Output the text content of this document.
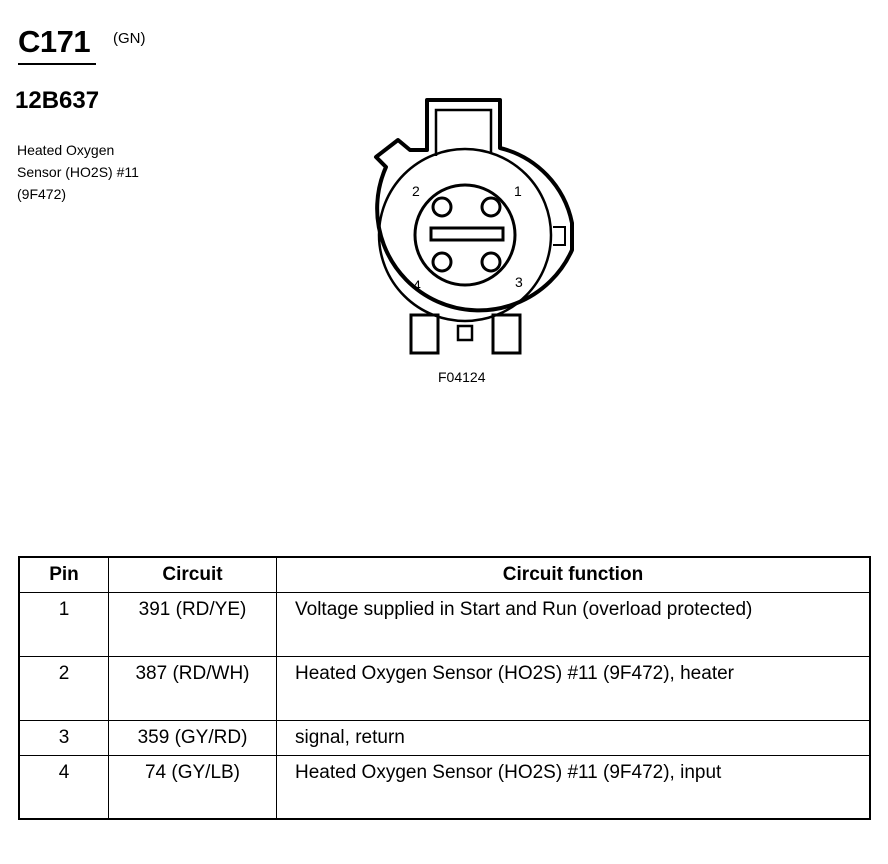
C171 (GN)
12B637
Heated Oxygen
Sensor (HO2S) #11
(9F472)	2	1
4	3
F04124
Pin	Circuit	Circuit function
1	391 (RD/YE)	Voltage supplied in Start and Run (overload protected)
2	387 (RD/WH)	Heated Oxygen Sensor (HO2S) #11 (9F472), heater
3	359 (GY/RD)	signal, return
4	74 (GY/LB)	Heated Oxygen Sensor (HO2S) #11 (9F472), input
